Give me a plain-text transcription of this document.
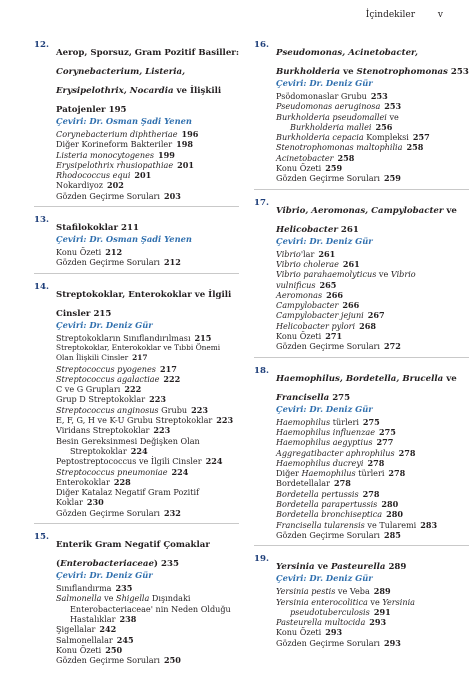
İçindekiler	v
12.
Aerop, Sporsuz, Gram Pozitif Basiller: Corynebacterium, Listeria, Erysipelothrix, Nocardia ve İlişkili Patojenler 195
Çeviri: Dr. Osman Şadi Yenen
Corynebacterium diphtheriae 196
Diğer Korineform Bakteriler 198
Listeria monocytogenes 199
Erysipelothrix rhusiopathiae 201
Rhodococcus equi 201
Nokardiyoz 202
Gözden Geçirme Soruları 203
13.
Stafilokoklar 211
Çeviri: Dr. Osman Şadi Yenen
Konu Özeti 212
Gözden Geçirme Soruları 212
14.
Streptokoklar, Enterokoklar ve İlgili Cinsler 215
Çeviri: Dr. Deniz Gür
Streptokokların Sınıflandırılması 215
Streptokoklar, Enterokoklar ve Tıbbi Önemi Olan İlişkili Cinsler 217
Streptococcus pyogenes 217
Streptococcus agalactiae 222
C ve G Grupları 222
Grup D Streptokoklar 223
Streptococcus anginosus Grubu 223
E, F, G, H ve K-U Grubu Streptokoklar 223
Viridans Streptokoklar 223
Besin Gereksinmesi Değişken Olan
Streptokoklar 224
Peptostreptococcus ve İlgili Cinsler 224
Streptococcus pneumoniae 224
Enterokoklar 228
Diğer Katalaz Negatif Gram Pozitif Koklar 230
Gözden Geçirme Soruları 232
15.
Enterik Gram Negatif Çomaklar (Enterobacteriaceae) 235
Çeviri: Dr. Deniz Gür
Sınıflandırma 235
Salmonella ve Shigella Dışındaki
Enterobacteriaceae' nin Neden Olduğu
Hastalıklar 238
Şigellalar 242
Salmonellalar 245
Konu Özeti 250
Gözden Geçirme Soruları 250
16.
Pseudomonas, Acinetobacter, Burkholderia ve Stenotrophomonas 253
Çeviri: Dr. Deniz Gür
Psödomonaslar Grubu 253
Pseudomonas aeruginosa 253
Burkholderia pseudomallei ve
Burkholderia mallei 256
Burkholderia cepacia Kompleksi 257
Stenotrophomonas maltophilia 258
Acinetobacter 258
Konu Özeti 259
Gözden Geçirme Soruları 259
17.
Vibrio, Aeromonas, Campylobacter ve Helicobacter 261
Çeviri: Dr. Deniz Gür
Vibrio'lar 261
Vibrio cholerae 261
Vibrio parahaemolyticus ve Vibrio vulnificus 265
Aeromonas 266
Campylobacter 266
Campylobacter jejuni 267
Helicobacter pylori 268
Konu Özeti 271
Gözden Geçirme Soruları 272
18.
Haemophilus, Bordetella, Brucella ve Francisella 275
Çeviri: Dr. Deniz Gür
Haemophilus türleri 275
Haemophilus influenzae 275
Haemophilus aegyptius 277
Aggregatibacter aphrophilus 278
Haemophilus ducreyi 278
Diğer Haemophilus türleri 278
Bordetellalar 278
Bordetella pertussis 278
Bordetella parapertussis 280
Bordetella bronchiseptica 280
Francisella tularensis ve Tularemi 283
Gözden Geçirme Soruları 285
19.
Yersinia ve Pasteurella 289
Çeviri: Dr. Deniz Gür
Yersinia pestis ve Veba 289
Yersinia enterocolitica ve Yersinia
pseudotuberculosis 291
Pasteurella multocida 293
Konu Özeti 293
Gözden Geçirme Soruları 293
